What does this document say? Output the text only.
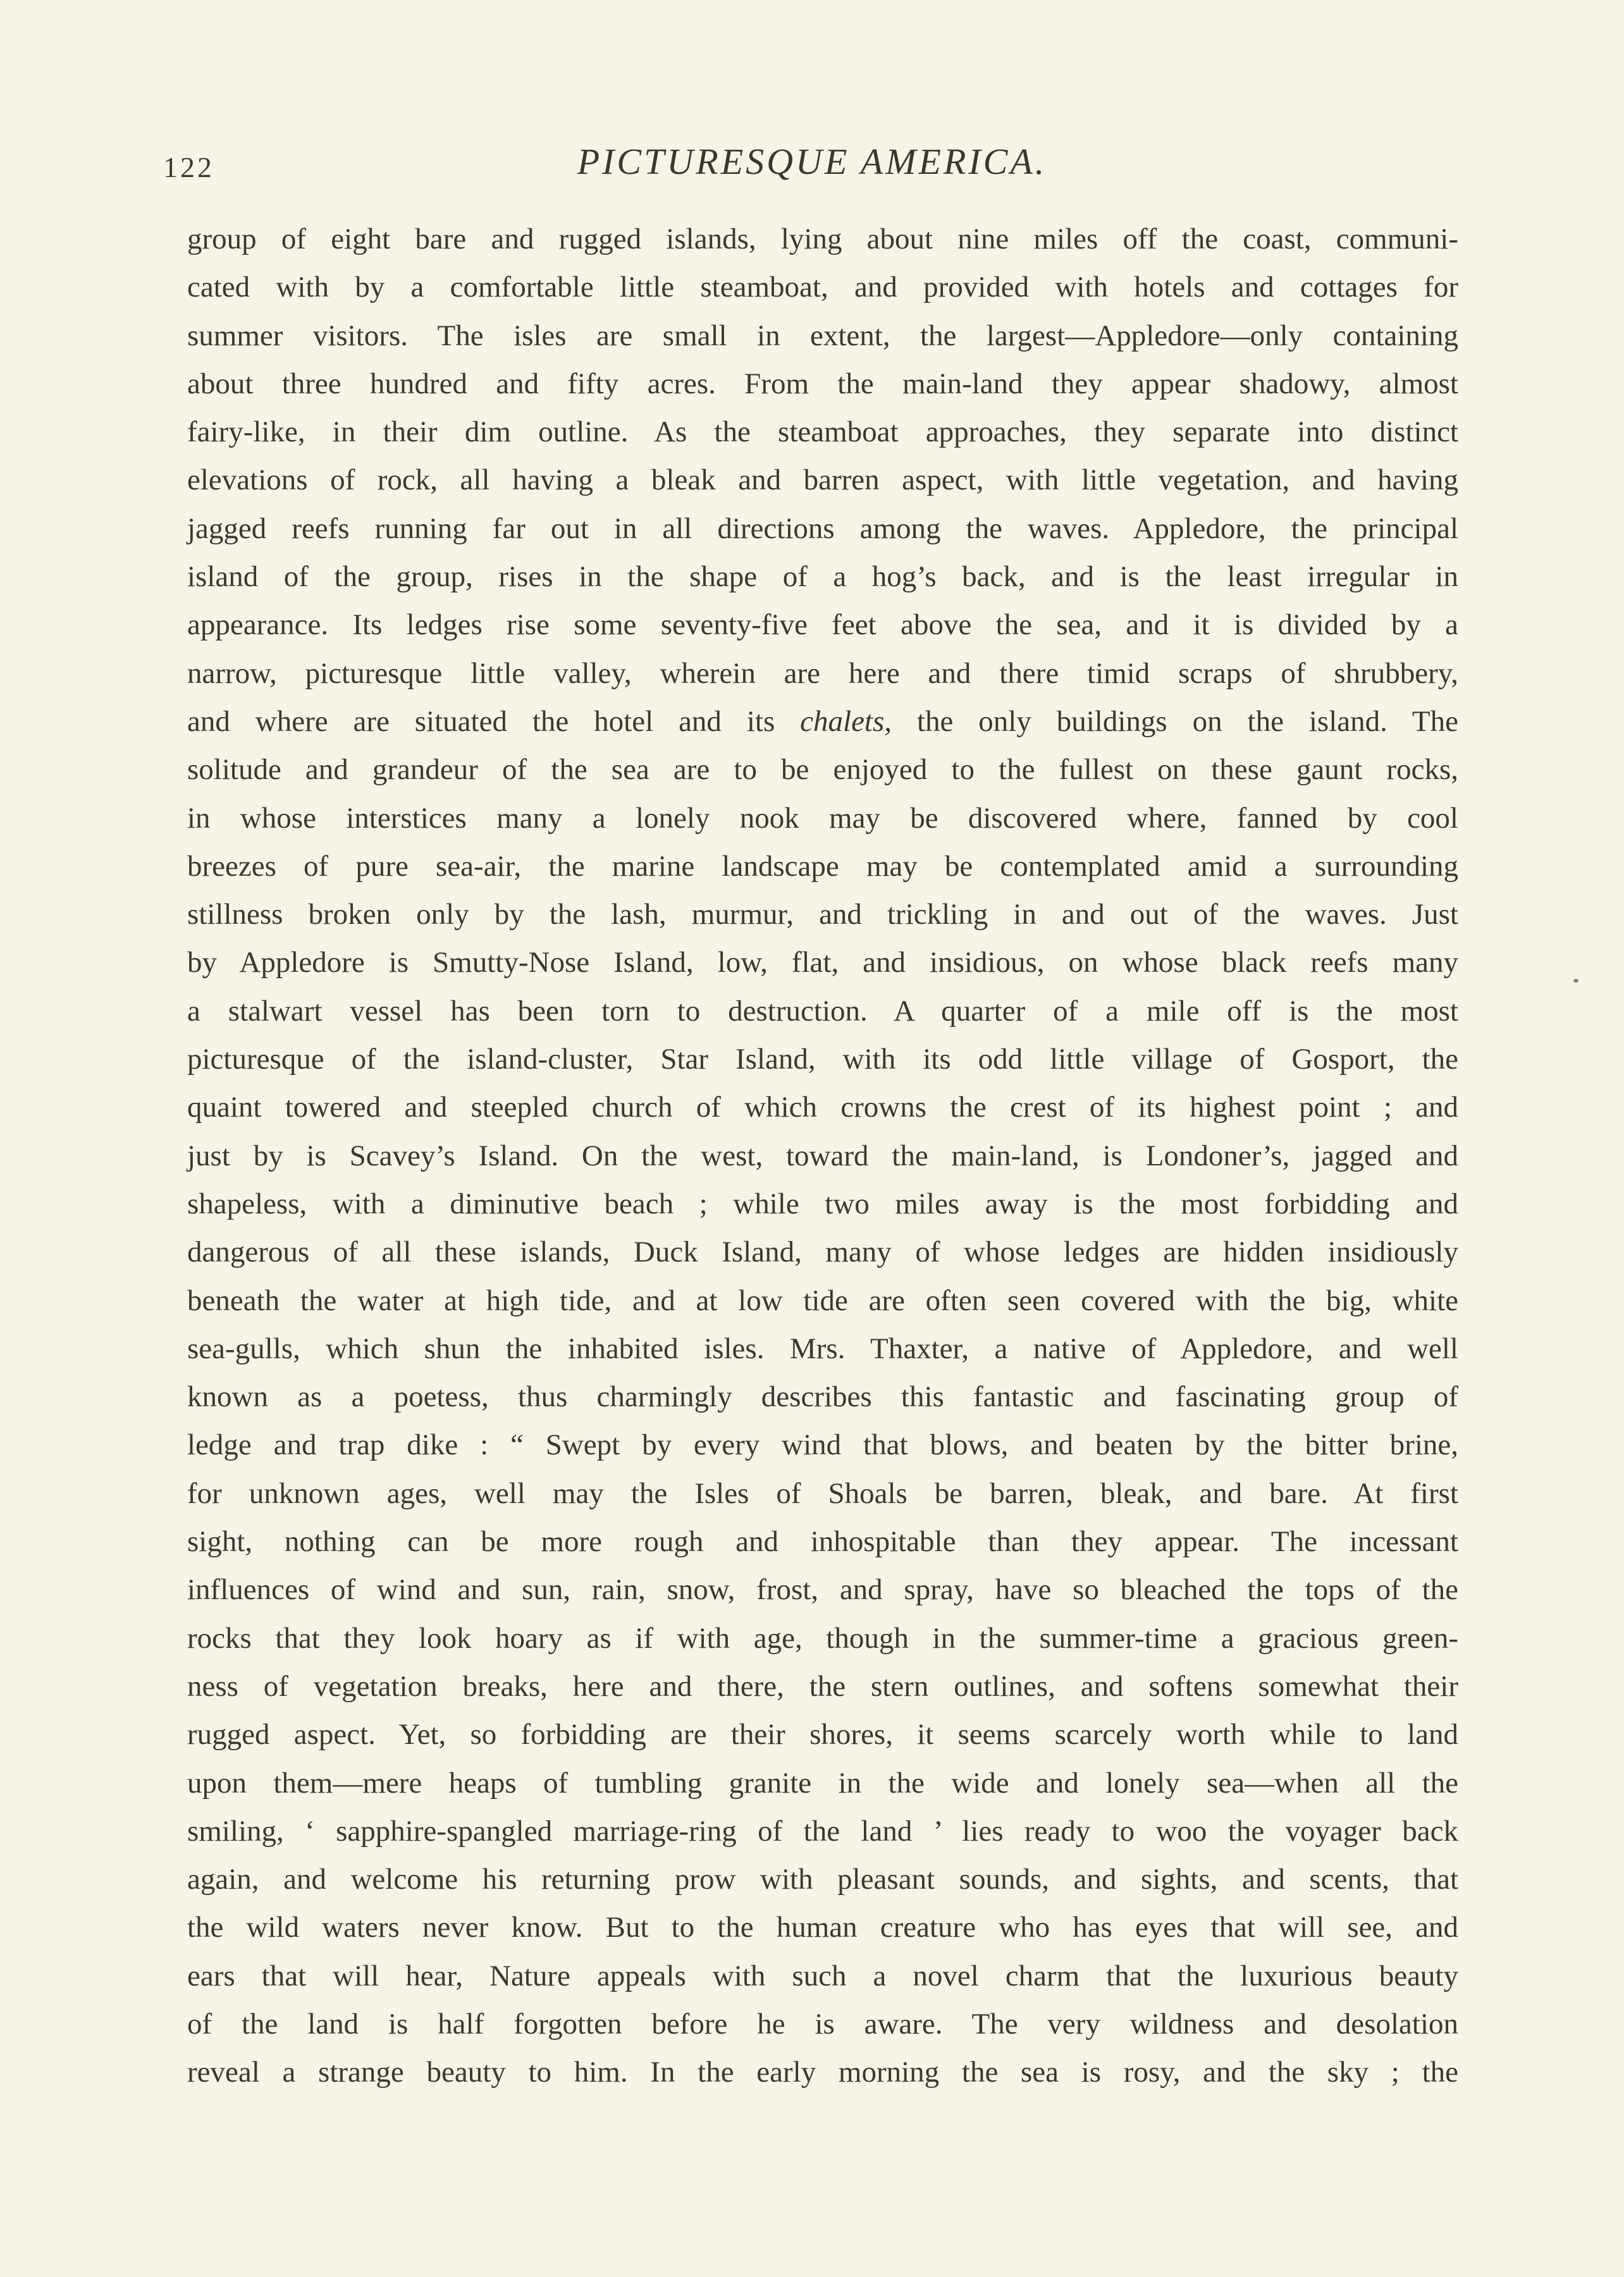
122	PICTURESQUE AMERICA.
group of eight bare and rugged islands, lying about nine miles off the coast, communi-
cated with by a comfortable little steamboat, and provided with hotels and cottages for
summer visitors. The isles are small in extent, the largest—Appledore—only containing
about three hundred and fifty acres. From the main-land they appear shadowy, almost
fairy-like, in their dim outline. As the steamboat approaches, they separate into distinct
elevations of rock, all having a bleak and barren aspect, with little vegetation, and having
jagged reefs running far out in all directions among the waves. Appledore, the principal
island of the group, rises in the shape of a hog’s back, and is the least irregular in
appearance. Its ledges rise some seventy-five feet above the sea, and it is divided by a
narrow, picturesque little valley, wherein are here and there timid scraps of shrubbery,
and where are situated the hotel and its chalets, the only buildings on the island. The
solitude and grandeur of the sea are to be enjoyed to the fullest on these gaunt rocks,
in whose interstices many a lonely nook may be discovered where, fanned by cool
breezes of pure sea-air, the marine landscape may be contemplated amid a surrounding
stillness broken only by the lash, murmur, and trickling in and out of the waves. Just
by Appledore is Smutty-Nose Island, low, flat, and insidious, on whose black reefs many
a stalwart vessel has been torn to destruction. A quarter of a mile off is the most
picturesque of the island-cluster, Star Island, with its odd little village of Gosport, the
quaint towered and steepled church of which crowns the crest of its highest point ; and
just by is Scavey’s Island. On the west, toward the main-land, is Londoner’s, jagged and
shapeless, with a diminutive beach ; while two miles away is the most forbidding and
dangerous of all these islands, Duck Island, many of whose ledges are hidden insidiously
beneath the water at high tide, and at low tide are often seen covered with the big, white
sea-gulls, which shun the inhabited isles. Mrs. Thaxter, a native of Appledore, and well
known as a poetess, thus charmingly describes this fantastic and fascinating group of
ledge and trap dike : “ Swept by every wind that blows, and beaten by the bitter brine,
for unknown ages, well may the Isles of Shoals be barren, bleak, and bare. At first
sight, nothing can be more rough and inhospitable than they appear. The incessant
influences of wind and sun, rain, snow, frost, and spray, have so bleached the tops of the
rocks that they look hoary as if with age, though in the summer-time a gracious green-
ness of vegetation breaks, here and there, the stern outlines, and softens somewhat their
rugged aspect. Yet, so forbidding are their shores, it seems scarcely worth while to land
upon them—mere heaps of tumbling granite in the wide and lonely sea—when all the
smiling, ‘ sapphire-spangled marriage-ring of the land ’ lies ready to woo the voyager back
again, and welcome his returning prow with pleasant sounds, and sights, and scents, that
the wild waters never know. But to the human creature who has eyes that will see, and
ears that will hear, Nature appeals with such a novel charm that the luxurious beauty
of the land is half forgotten before he is aware. The very wildness and desolation
reveal a strange beauty to him. In the early morning the sea is rosy, and the sky ; the
